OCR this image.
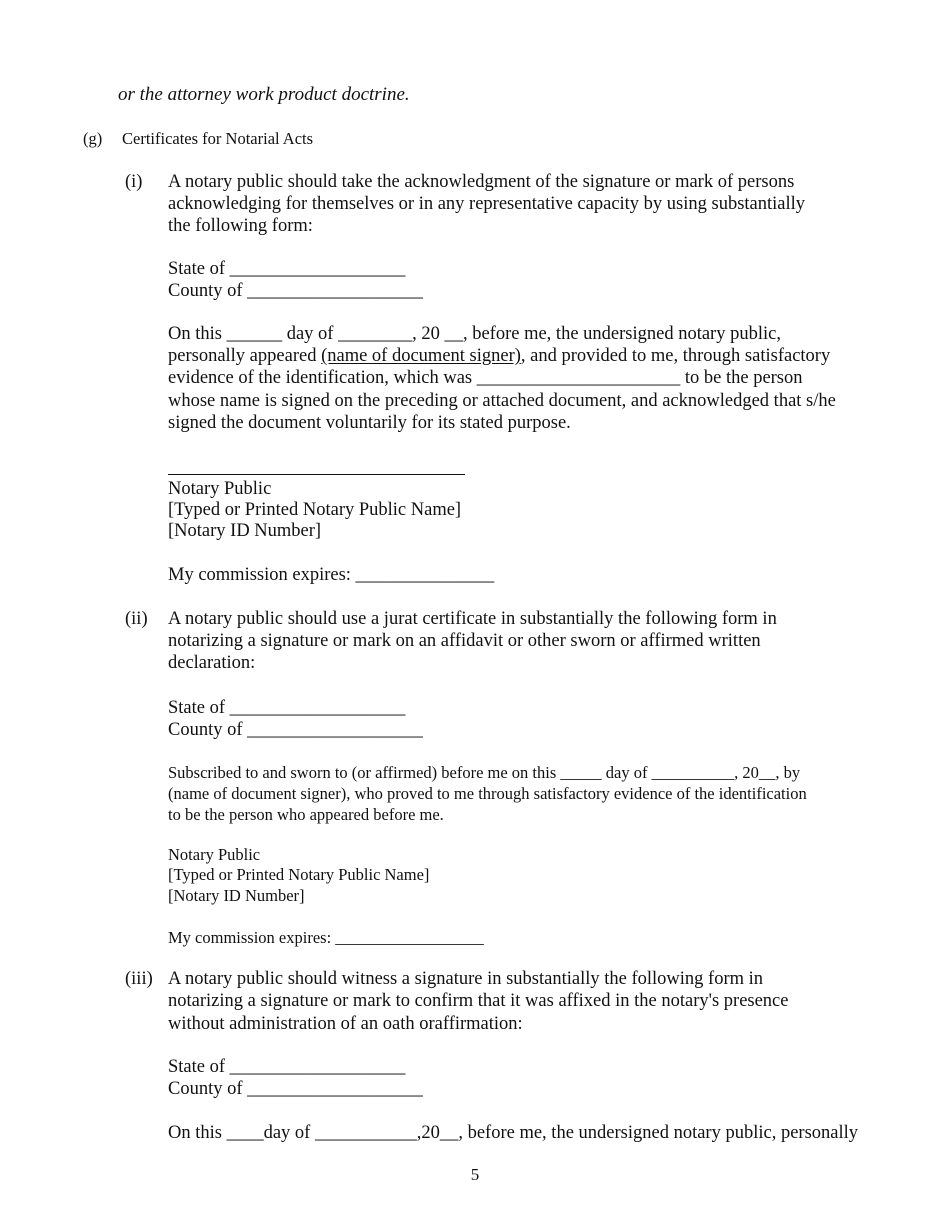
or the attorney work product doctrine.
(g) Certificates for Notarial Acts
(i) A notary public should take the acknowledgment of the signature or mark of persons
acknowledging for themselves or in any representative capacity by using substantially
the following form:
State of ___________________
County of ___________________
On this ______ day of ________, 20 __, before me, the undersigned notary public,
personally appeared (name of document signer), and provided to me, through satisfactory
evidence of the identification, which was ______________________ to be the person
whose name is signed on the preceding or attached document, and acknowledged that s/he
signed the document voluntarily for its stated purpose.
Notary Public
[Typed or Printed Notary Public Name]
[Notary ID Number]
My commission expires: _______________
(ii) A notary public should use a jurat certificate in substantially the following form in
notarizing a signature or mark on an affidavit or other sworn or affirmed written
declaration:
State of ___________________
County of ___________________
Subscribed to and sworn to (or affirmed) before me on this _____ day of __________, 20__, by
(name of document signer), who proved to me through satisfactory evidence of the identification
to be the person who appeared before me.
Notary Public
[Typed or Printed Notary Public Name]
[Notary ID Number]
My commission expires: __________________
(iii) A notary public should witness a signature in substantially the following form in
notarizing a signature or mark to confirm that it was affixed in the notary's presence
without administration of an oath oraffirmation:
State of ___________________
County of ___________________
On this ____day of ___________,20__, before me, the undersigned notary public, personally
5
